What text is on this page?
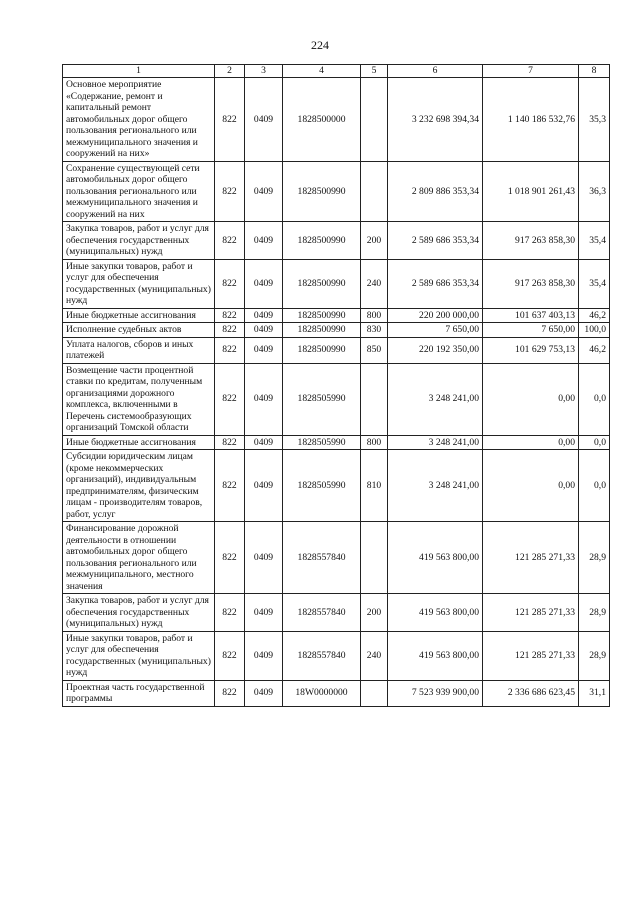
224
1	2	3	4	5	6	7	8
Основное мероприятие «Содержание, ремонт и капитальный ремонт автомобильных дорог общего пользования регионального или межмуниципального значения и сооружений на них»	822	0409	1828500000		3 232 698 394,34	1 140 186 532,76	35,3
Сохранение существующей сети автомобильных дорог общего пользования регионального или межмуниципального значения и сооружений на них	822	0409	1828500990		2 809 886 353,34	1 018 901 261,43	36,3
Закупка товаров, работ и услуг для обеспечения государственных (муниципальных) нужд	822	0409	1828500990	200	2 589 686 353,34	917 263 858,30	35,4
Иные закупки товаров, работ и услуг для обеспечения государственных (муниципальных) нужд	822	0409	1828500990	240	2 589 686 353,34	917 263 858,30	35,4
Иные бюджетные ассигнования	822	0409	1828500990	800	220 200 000,00	101 637 403,13	46,2
Исполнение судебных актов	822	0409	1828500990	830	7 650,00	7 650,00	100,0
Уплата налогов, сборов и иных платежей	822	0409	1828500990	850	220 192 350,00	101 629 753,13	46,2
Возмещение части процентной ставки по кредитам, полученным организациями дорожного комплекса, включенными в Перечень системообразующих организаций Томской области	822	0409	1828505990		3 248 241,00	0,00	0,0
Иные бюджетные ассигнования	822	0409	1828505990	800	3 248 241,00	0,00	0,0
Субсидии юридическим лицам (кроме некоммерческих организаций), индивидуальным предпринимателям, физическим лицам - производителям товаров, работ, услуг	822	0409	1828505990	810	3 248 241,00	0,00	0,0
Финансирование дорожной деятельности в отношении автомобильных дорог общего пользования регионального или межмуниципального, местного значения	822	0409	1828557840		419 563 800,00	121 285 271,33	28,9
Закупка товаров, работ и услуг для обеспечения государственных (муниципальных) нужд	822	0409	1828557840	200	419 563 800,00	121 285 271,33	28,9
Иные закупки товаров, работ и услуг для обеспечения государственных (муниципальных) нужд	822	0409	1828557840	240	419 563 800,00	121 285 271,33	28,9
Проектная часть государственной программы	822	0409	18W0000000		7 523 939 900,00	2 336 686 623,45	31,1
